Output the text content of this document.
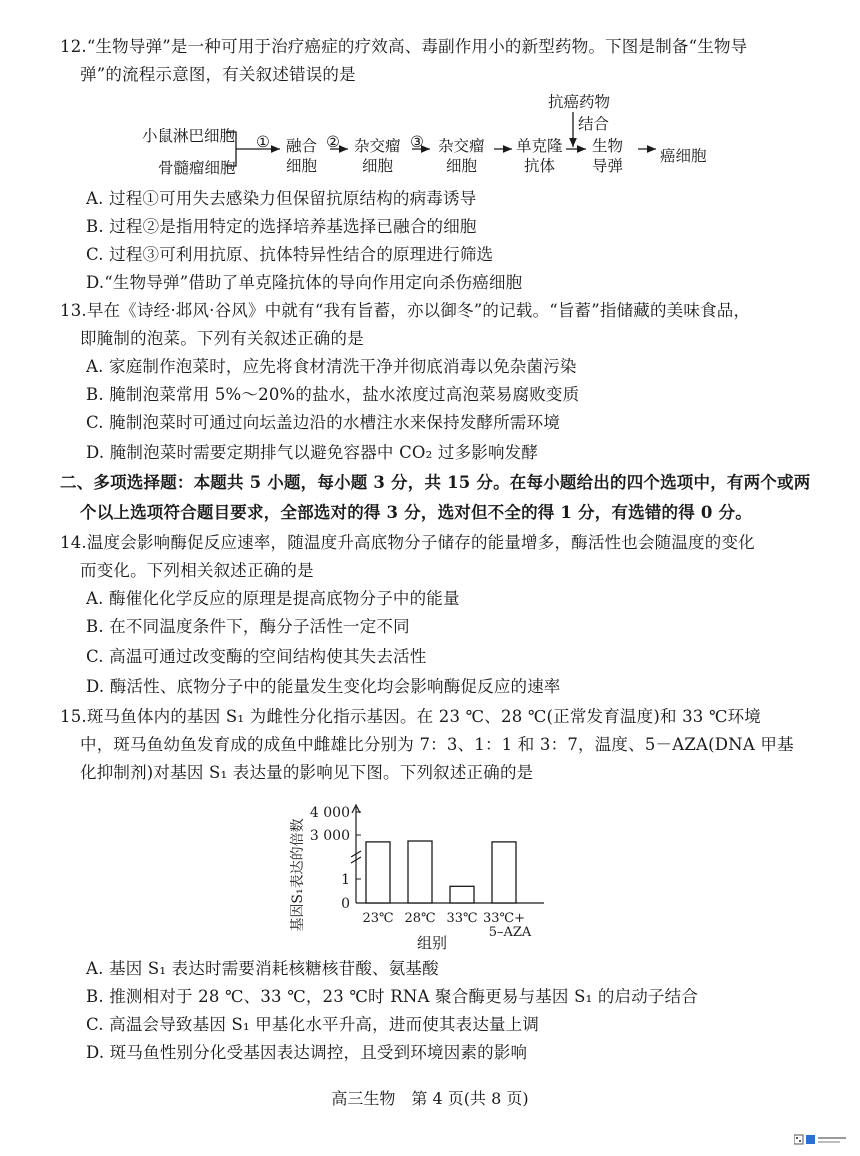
12.“生物导弹”是一种可用于治疗癌症的疗效高、毒副作用小的新型药物。下图是制备“生物导
弹”的流程示意图，有关叙述错误的是
小鼠淋巴细胞
骨髓瘤细胞
① 融合
细胞
② 杂交瘤
细胞
③ 杂交瘤
细胞
单克隆
抗体
抗癌药物
结合
生物
导弹
癌细胞
A. 过程①可用失去感染力但保留抗原结构的病毒诱导
B. 过程②是指用特定的选择培养基选择已融合的细胞
C. 过程③可利用抗原、抗体特异性结合的原理进行筛选
D.“生物导弹”借助了单克隆抗体的导向作用定向杀伤癌细胞
13.早在《诗经·邶风·谷风》中就有“我有旨蓄，亦以御冬”的记载。“旨蓄”指储藏的美味食品，
即腌制的泡菜。下列有关叙述正确的是
A. 家庭制作泡菜时，应先将食材清洗干净并彻底消毒以免杂菌污染
B. 腌制泡菜常用 5%～20%的盐水，盐水浓度过高泡菜易腐败变质
C. 腌制泡菜时可通过向坛盖边沿的水槽注水来保持发酵所需环境
D. 腌制泡菜时需要定期排气以避免容器中 CO₂ 过多影响发酵
二、多项选择题：本题共 5 小题，每小题 3 分，共 15 分。在每小题给出的四个选项中，有两个或两
个以上选项符合题目要求，全部选对的得 3 分，选对但不全的得 1 分，有选错的得 0 分。
14.温度会影响酶促反应速率，随温度升高底物分子储存的能量增多，酶活性也会随温度的变化
而变化。下列相关叙述正确的是
A. 酶催化化学反应的原理是提高底物分子中的能量
B. 在不同温度条件下，酶分子活性一定不同
C. 高温可通过改变酶的空间结构使其失去活性
D. 酶活性、底物分子中的能量发生变化均会影响酶促反应的速率
15.斑马鱼体内的基因 S₁ 为雌性分化指示基因。在 23 ℃、28 ℃(正常发育温度)和 33 ℃环境
中，斑马鱼幼鱼发育成的成鱼中雌雄比分别为 7：3、1：1 和 3：7，温度、5－AZA(DNA 甲基
化抑制剂)对基因 S₁ 表达量的影响见下图。下列叙述正确的是
基因S₁表达的倍数
4 000
3 000
1
0
23℃ 28℃ 33℃ 33℃+
5–AZA
组别
A. 基因 S₁ 表达时需要消耗核糖核苷酸、氨基酸
B. 推测相对于 28 ℃、33 ℃，23 ℃时 RNA 聚合酶更易与基因 S₁ 的启动子结合
C. 高温会导致基因 S₁ 甲基化水平升高，进而使其表达量上调
D. 斑马鱼性别分化受基因表达调控，且受到环境因素的影响
高三生物　第 4 页(共 8 页)
